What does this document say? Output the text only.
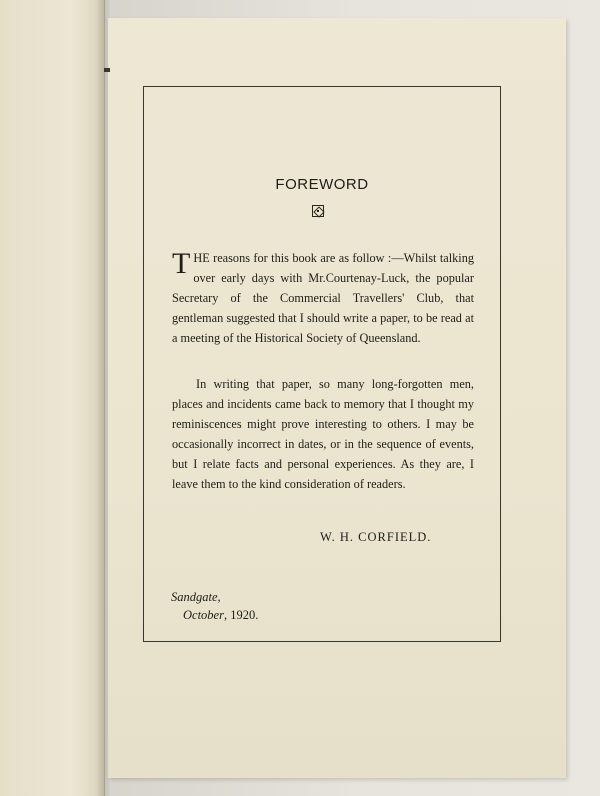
FOREWORD
THE reasons for this book are as follow :—Whilst talking over early days with Mr.Courtenay-Luck, the popular Secretary of the Commercial Travellers' Club, that gentleman suggested that I should write a paper, to be read at a meeting of the Historical Society of Queensland.
In writing that paper, so many long-forgotten men, places and incidents came back to memory that I thought my reminiscences might prove interesting to others. I may be occasionally incorrect in dates, or in the sequence of events, but I relate facts and personal experiences. As they are, I leave them to the kind consideration of readers.
W. H. CORFIELD.
Sandgate,
October, 1920.
